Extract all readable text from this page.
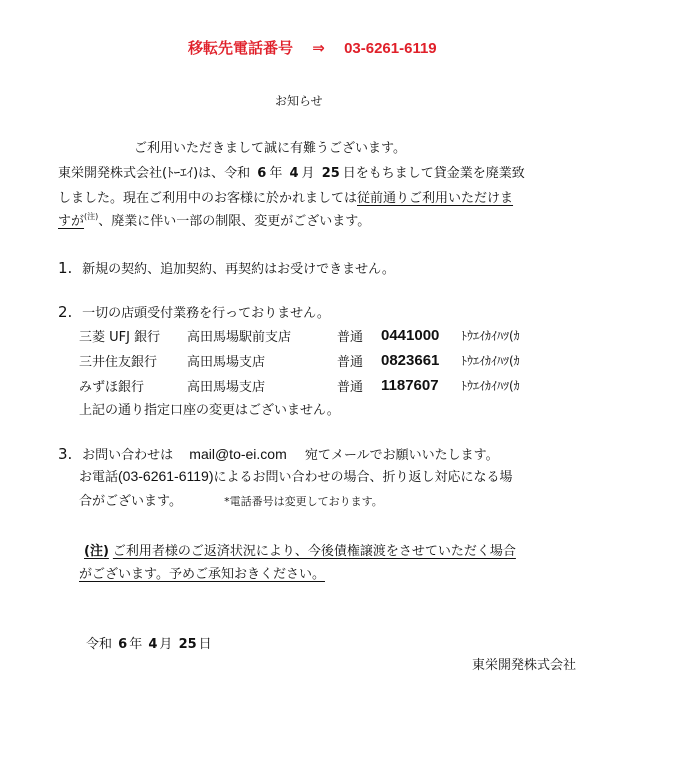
移転先電話番号 ⇒ 03-6261-6119
お知らせ
ご利用いただきまして誠に有難うございます。
東栄開発株式会社(ﾄｰｴｲ)は、令和 6 年 4 月 25 日をもちまして貸金業を廃業致
しました。現在ご利用中のお客様に於かれましては従前通りご利用いただけま
すが$^{(注)}$、廃業に伴い一部の制限、変更がございます。
1. 新規の契約、追加契約、再契約はお受けできません。
2. 一切の店頭受付業務を行っておりません。
三菱 UFJ 銀行	高田馬場駅前支店	普通	0441000	ﾄｳｴｲｶｲﾊﾂ(ｶ
三井住友銀行	高田馬場支店	普通	0823661	ﾄｳｴｲｶｲﾊﾂ(ｶ
みずほ銀行	高田馬場支店	普通	1187607	ﾄｳｴｲｶｲﾊﾂ(ｶ
上記の通り指定口座の変更はございません。
3. お問い合わせは mail@to-ei.com 宛てメールでお願いいたします。
お電話(03-6261-6119)によるお問い合わせの場合、折り返し対応になる場
合がございます。	*電話番号は変更しております。
(注) ご利用者様のご返済状況により、今後債権譲渡をさせていただく場合
がございます。予めご承知おきください。
令和 6 年 4 月 25 日
東栄開発株式会社
